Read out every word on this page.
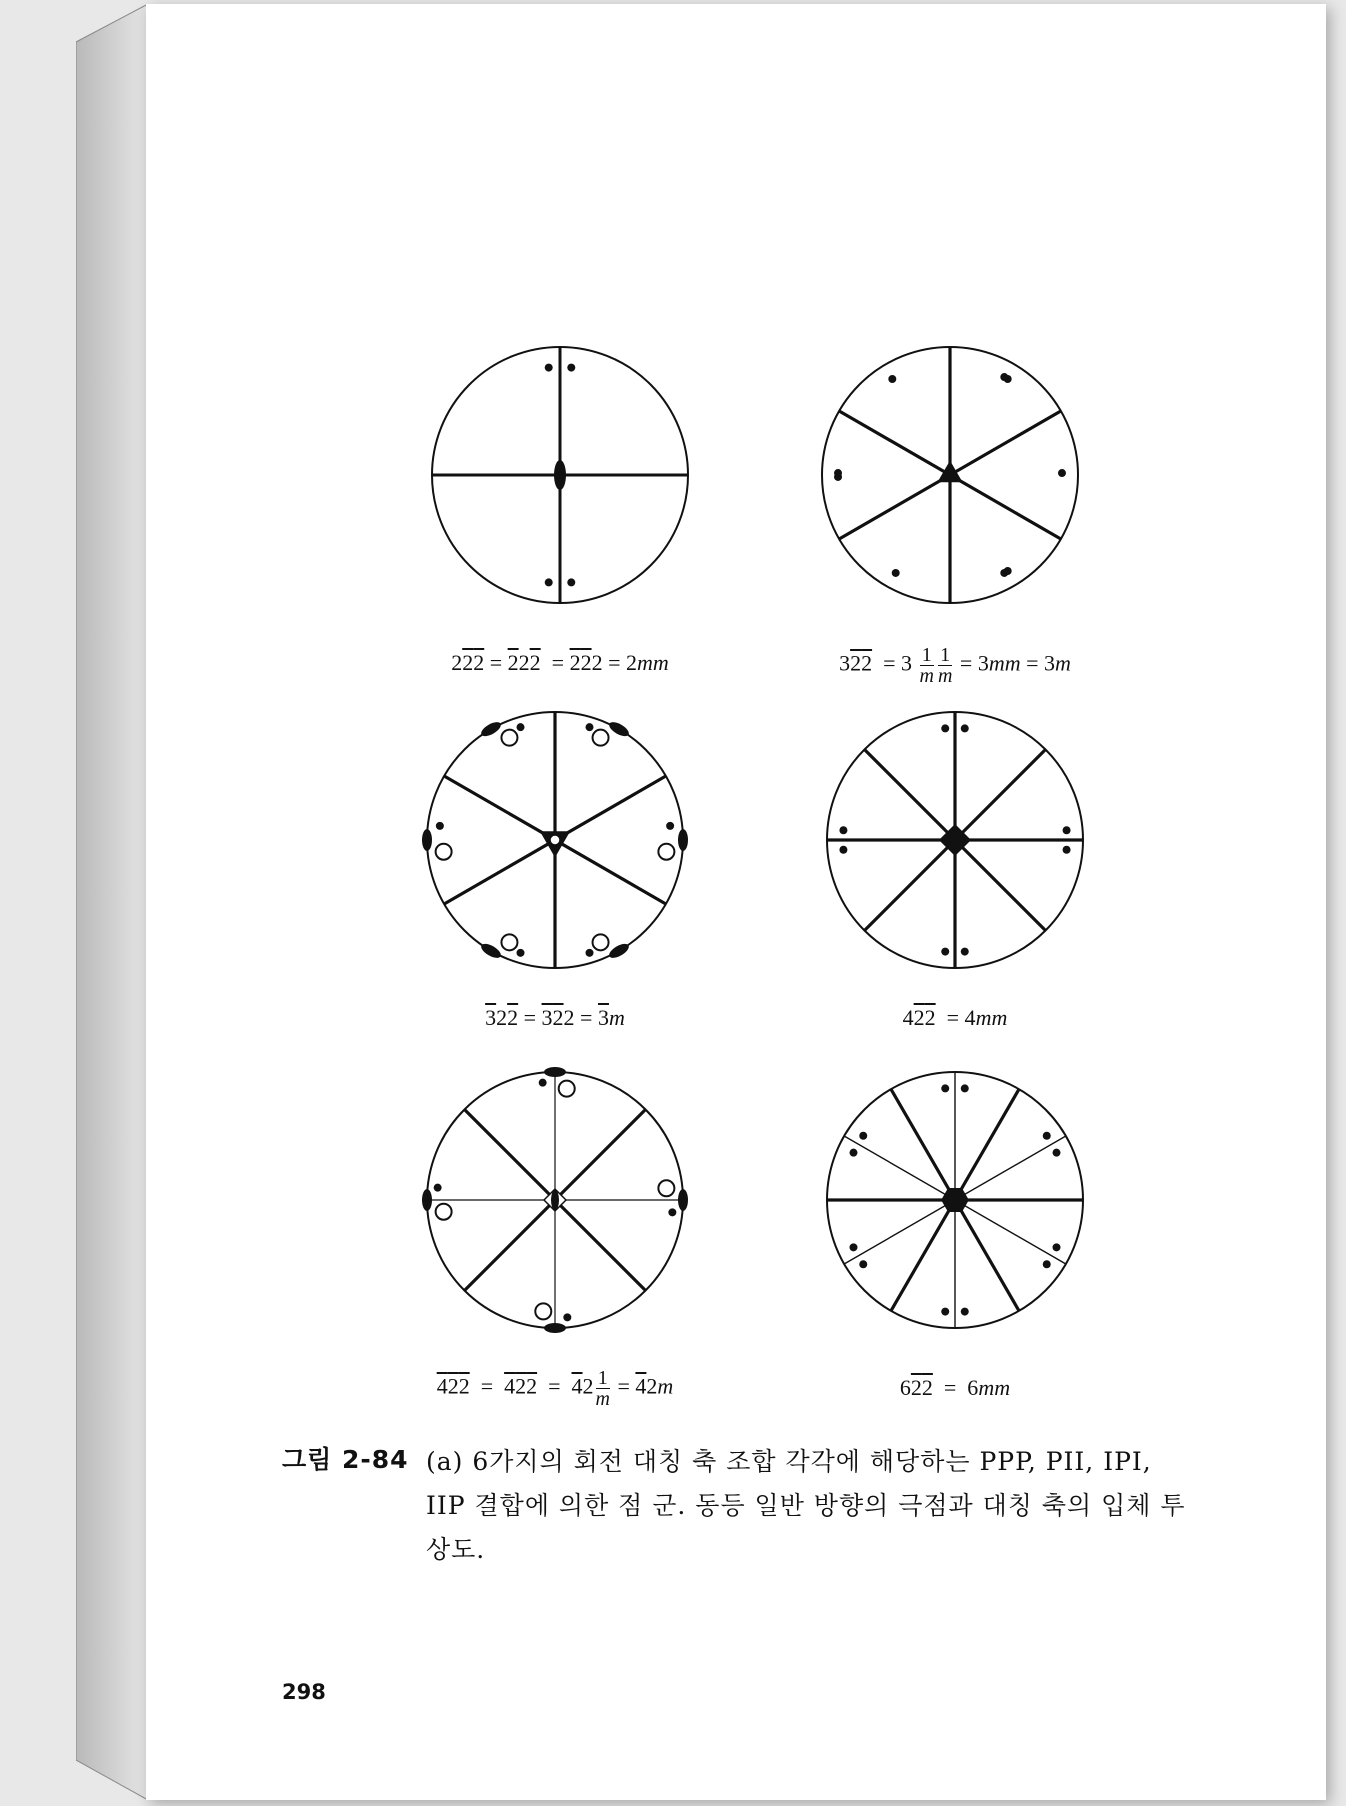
222 = 222  = 222 = 2mm	$322 = 3 \frac{1}{m} \frac{1}{m} = 3mm = 3m$
322 = 322 = 3m	422  = 4mm
$422 = 422 = 42 \frac{1}{m} = 42m$	622  =  6mm
그림 2-84 (a) 6가지의 회전 대칭 축 조합 각각에 해당하는 PPP, PII, IPI, IIP 결합에 의한 점 군. 동등 일반 방향의 극점과 대칭 축의 입체 투상도.
298
